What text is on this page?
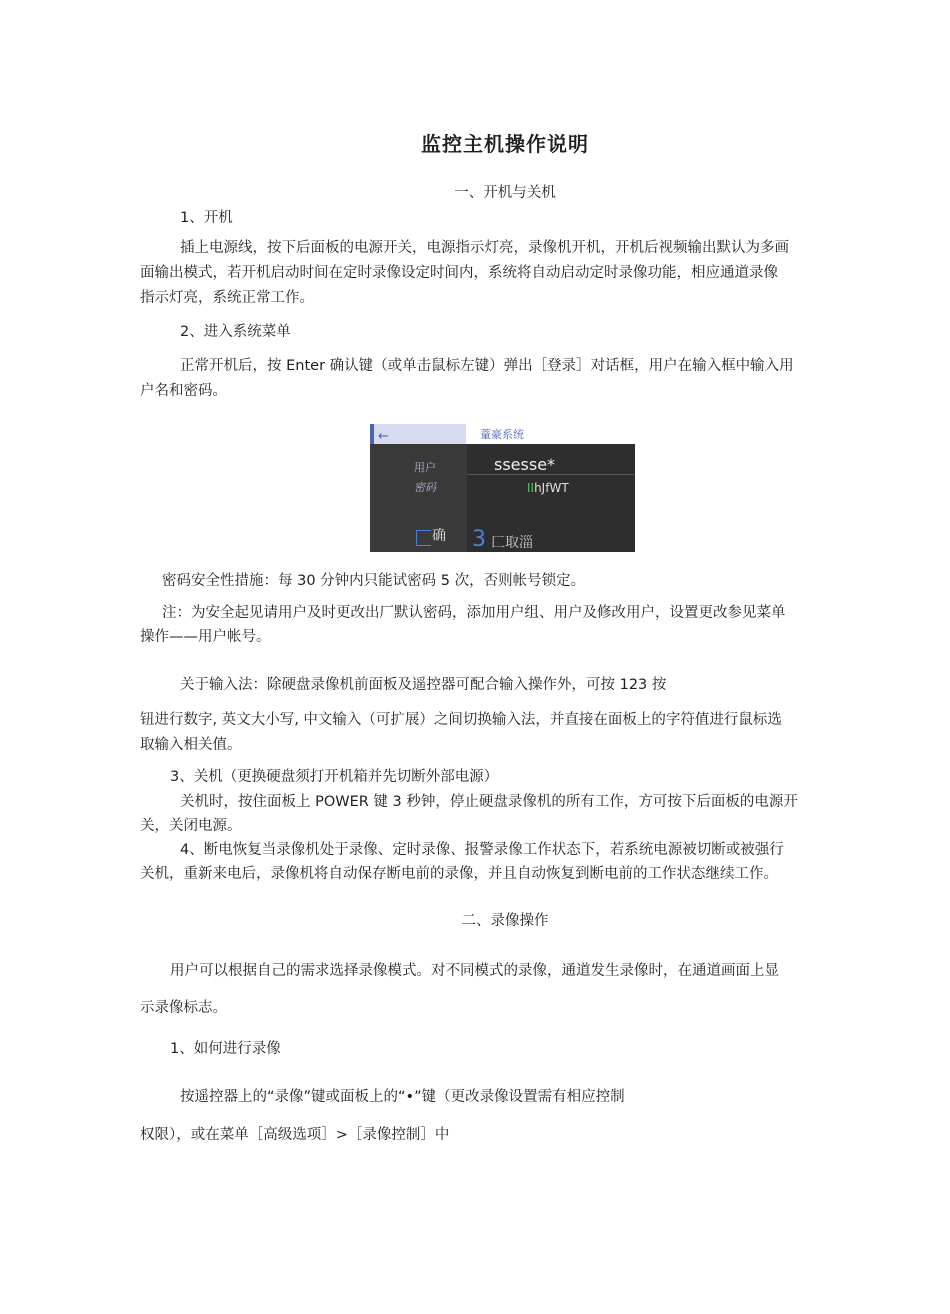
监控主机操作说明
一、开机与关机

1、开机

插上电源线，按下后面板的电源开关，电源指示灯亮，录像机开机，开机后视频输出默认为多画

面输出模式，若开机启动时间在定时录像设定时间内，系统将自动启动定时录像功能，相应通道录像

指示灯亮，系统正常工作。

2、进入系统菜单

正常开机后，按 Enter 确认键（或单击鼠标左键）弹出［登录］对话框，用户在输入框中输入用

户名和密码。

←	蕫豪系统
用户
密码
ssesse*
IIhJfWT
确 3 匚取淄

密码安全性措施：每 30 分钟内只能试密码 5 次，否则帐号锁定。

注：为安全起见请用户及时更改出厂默认密码，添加用户组、用户及修改用户，设置更改参见菜单

操作——用户帐号。

关于输入法：除硬盘录像机前面板及遥控器可配合输入操作外，可按 123 按

钮进行数字, 英文大小写, 中文输入（可扩展）之间切换输入法，并直接在面板上的字符值进行鼠标选

取输入相关值。

3、关机（更换硬盘须打开机箱并先切断外部电源）

关机时，按住面板上 POWER 键 3 秒钟，停止硬盘录像机的所有工作，方可按下后面板的电源开

关，关闭电源。

4、断电恢复当录像机处于录像、定时录像、报警录像工作状态下，若系统电源被切断或被强行

关机，重新来电后，录像机将自动保存断电前的录像，并且自动恢复到断电前的工作状态继续工作。

二、录像操作

用户可以根据自己的需求选择录像模式。对不同模式的录像，通道发生录像时，在通道画面上显

示录像标志。

1、如何进行录像

按遥控器上的“录像”键或面板上的“•”键（更改录像设置需有相应控制

权限），或在菜单［高级选项］>［录像控制］中
